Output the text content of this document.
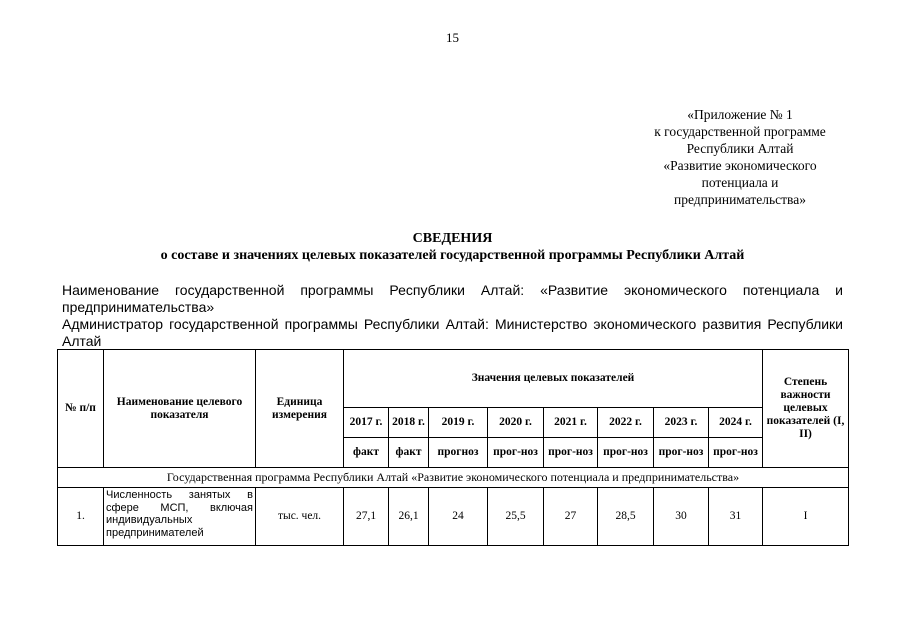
15
«Приложение № 1
к государственной программе
Республики Алтай
«Развитие экономического
потенциала и
предпринимательства»
СВЕДЕНИЯ
о составе и значениях целевых показателей государственной программы Республики Алтай
Наименование государственной программы Республики Алтай: «Развитие экономического потенциала и предпринимательства»
Администратор государственной программы Республики Алтай: Министерство экономического развития Республики Алтай
№ п/п	Наименование целевого показателя	Единица измерения	Значения целевых показателей								Степень важности целевых показателей (I, II)
			2017 г.	2018 г.	2019 г.	2020 г.	2021 г.	2022 г.	2023 г.	2024 г.	
			факт	факт	прогноз	прог-ноз	прог-ноз	прог-ноз	прог-ноз	прог-ноз	
Государственная программа Республики Алтай «Развитие экономического потенциала и предпринимательства»											
1.	Численность занятых в сфере МСП, включая индивидуальных предпринимателей	тыс. чел.	27,1	26,1	24	25,5	27	28,5	30	31	I
